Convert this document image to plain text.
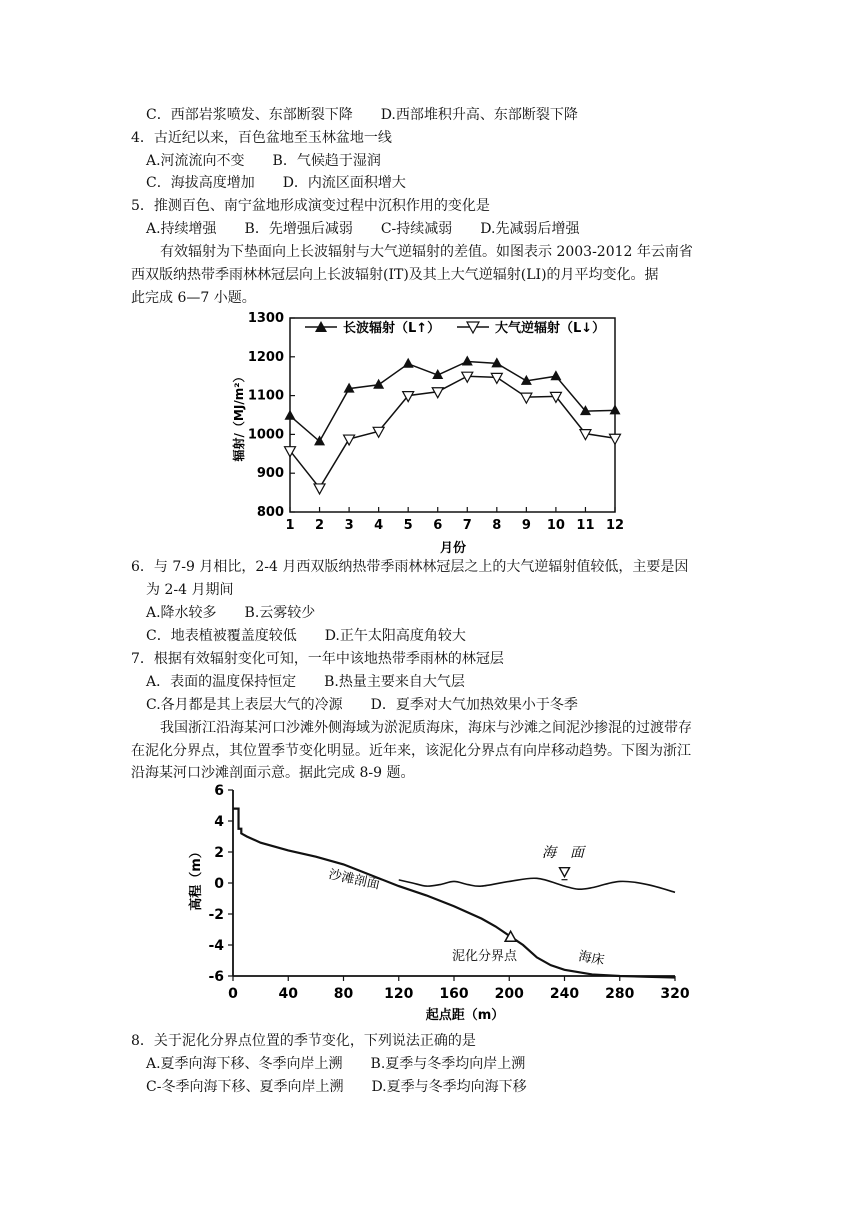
C．西部岩浆喷发、东部断裂下降　　D.西部堆积升高、东部断裂下降
4．古近纪以来，百色盆地至玉林盆地一线
A.河流流向不变　　B．气候趋于湿润
C．海拔高度增加　　D．内流区面积增大
5．推测百色、南宁盆地形成演变过程中沉积作用的变化是
A.持续增强　　B．先增强后减弱　　C-持续减弱　　D.先减弱后增强
有效辐射为下垫面向上长波辐射与大气逆辐射的差值。如图表示 2003-2012 年云南省
西双版纳热带季雨林林冠层向上长波辐射(IT)及其上大气逆辐射(LI)的月平均变化。据
此完成 6—7 小题。
800
900
1000
1100
1200
1300
1 2 3 4 5 6 7 8 9 10 11 12
月份
辐射/（MJ/m²）
长波辐射（L↑）	大气逆辐射（L↓）
6．与 7-9 月相比，2-4 月西双版纳热带季雨林林冠层之上的大气逆辐射值较低，主要是因
为 2-4 月期间
A.降水较多　　B.云雾较少
C．地表植被覆盖度较低　　D.正午太阳高度角较大
7．根据有效辐射变化可知，一年中该地热带季雨林的林冠层
A．表面的温度保持恒定　　B.热量主要来自大气层
C.各月都是其上表层大气的冷源　　D．夏季对大气加热效果小于冬季
我国浙江沿海某河口沙滩外侧海域为淤泥质海床，海床与沙滩之间泥沙掺混的过渡带存
在泥化分界点，其位置季节变化明显。近年来，该泥化分界点有向岸移动趋势。下图为浙江
沿海某河口沙滩剖面示意。据此完成 8-9 题。
6
4
2
0
-2
-4
-6
0	40	80 120 160 200 240 280 320
起点距（m）
高程（m）	海　面
沙滩剖面
泥化分界点	海床
8．关于泥化分界点位置的季节变化，下列说法正确的是
A.夏季向海下移、冬季向岸上溯　　B.夏季与冬季均向岸上溯
C-冬季向海下移、夏季向岸上溯　　D.夏季与冬季均向海下移
